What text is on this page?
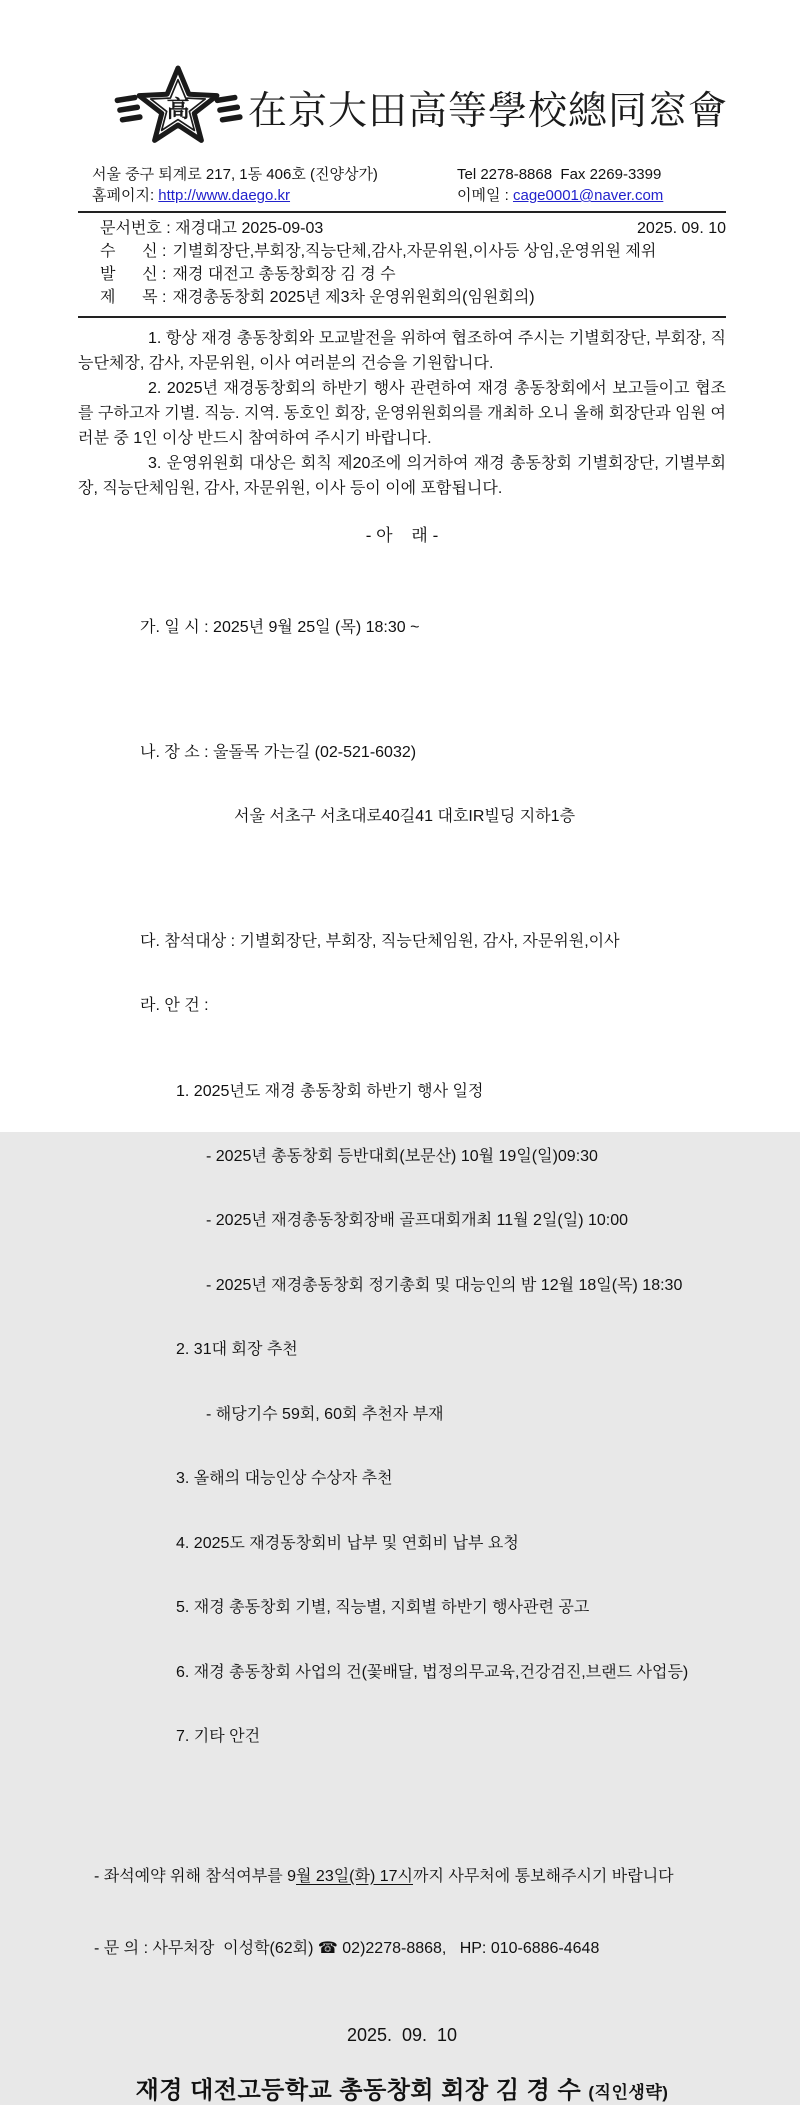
高 在京大田高等學校總同窓會
서울 중구 퇴계로 217, 1동 406호 (진양상가)	Tel 2278-8868  Fax 2269-3399
홈페이지: http://www.daego.kr	이메일 : cage0001@naver.com
문서번호 : 재경대고 2025-09-03	2025. 09. 10
수      신 : 기별회장단,부회장,직능단체,감사,자문위원,이사등 상임,운영위원 제위
발      신 : 재경 대전고 총동창회장 김 경 수
제      목 : 재경총동창회 2025년 제3차 운영위원회의(임원회의)

1. 항상 재경 총동창회와 모교발전을 위하여 협조하여 주시는 기별회장단, 부회장, 직능단체장, 감사, 자문위원, 이사 여러분의 건승을 기원합니다.

2. 2025년 재경동창회의 하반기 행사 관련하여 재경 총동창회에서 보고들이고 협조를 구하고자 기별. 직능. 지역. 동호인 회장, 운영위원회의를 개최하 오니 올해 회장단과 임원 여러분 중 1인 이상 반드시 참여하여 주시기 바랍니다.

3. 운영위원회 대상은 회칙 제20조에 의거하여 재경 총동창회 기별회장단, 기별부회장, 직능단체임원, 감사, 자문위원, 이사 등이 이에 포함됩니다.

- 아    래 -

가. 일 시 : 2025년 9월 25일 (목) 18:30 ~

나. 장 소 : 울돌목 가는길 (02-521-6032)

서울 서초구 서초대로40길41 대호IR빌딩 지하1층

다. 참석대상 : 기별회장단, 부회장, 직능단체임원, 감사, 자문위원,이사

라. 안 건 :

1. 2025년도 재경 총동창회 하반기 행사 일정

- 2025년 총동창회 등반대회(보문산) 10월 19일(일)09:30

- 2025년 재경총동창회장배 골프대회개최 11월 2일(일) 10:00

- 2025년 재경총동창회 정기총회 및 대능인의 밤 12월 18일(목) 18:30

2. 31대 회장 추천

- 해당기수 59회, 60회 추천자 부재

3. 올해의 대능인상 수상자 추천

4. 2025도 재경동창회비 납부 및 연회비 납부 요청

5. 재경 총동창회 기별, 직능별, 지회별 하반기 행사관련 공고

6. 재경 총동창회 사업의 건(꽃배달, 법정의무교육,건강검진,브랜드 사업등)

7. 기타 안건

- 좌석예약 위해 참석여부를 9월 23일(화) 17시까지 사무처에 통보해주시기 바랍니다

- 문 의 : 사무처장  이성학(62회) ☎ 02)2278-8868,   HP: 010-6886-4648

2025.  09.  10
재경 대전고등학교 총동창회 회장 김 경 수 (직인생략)
